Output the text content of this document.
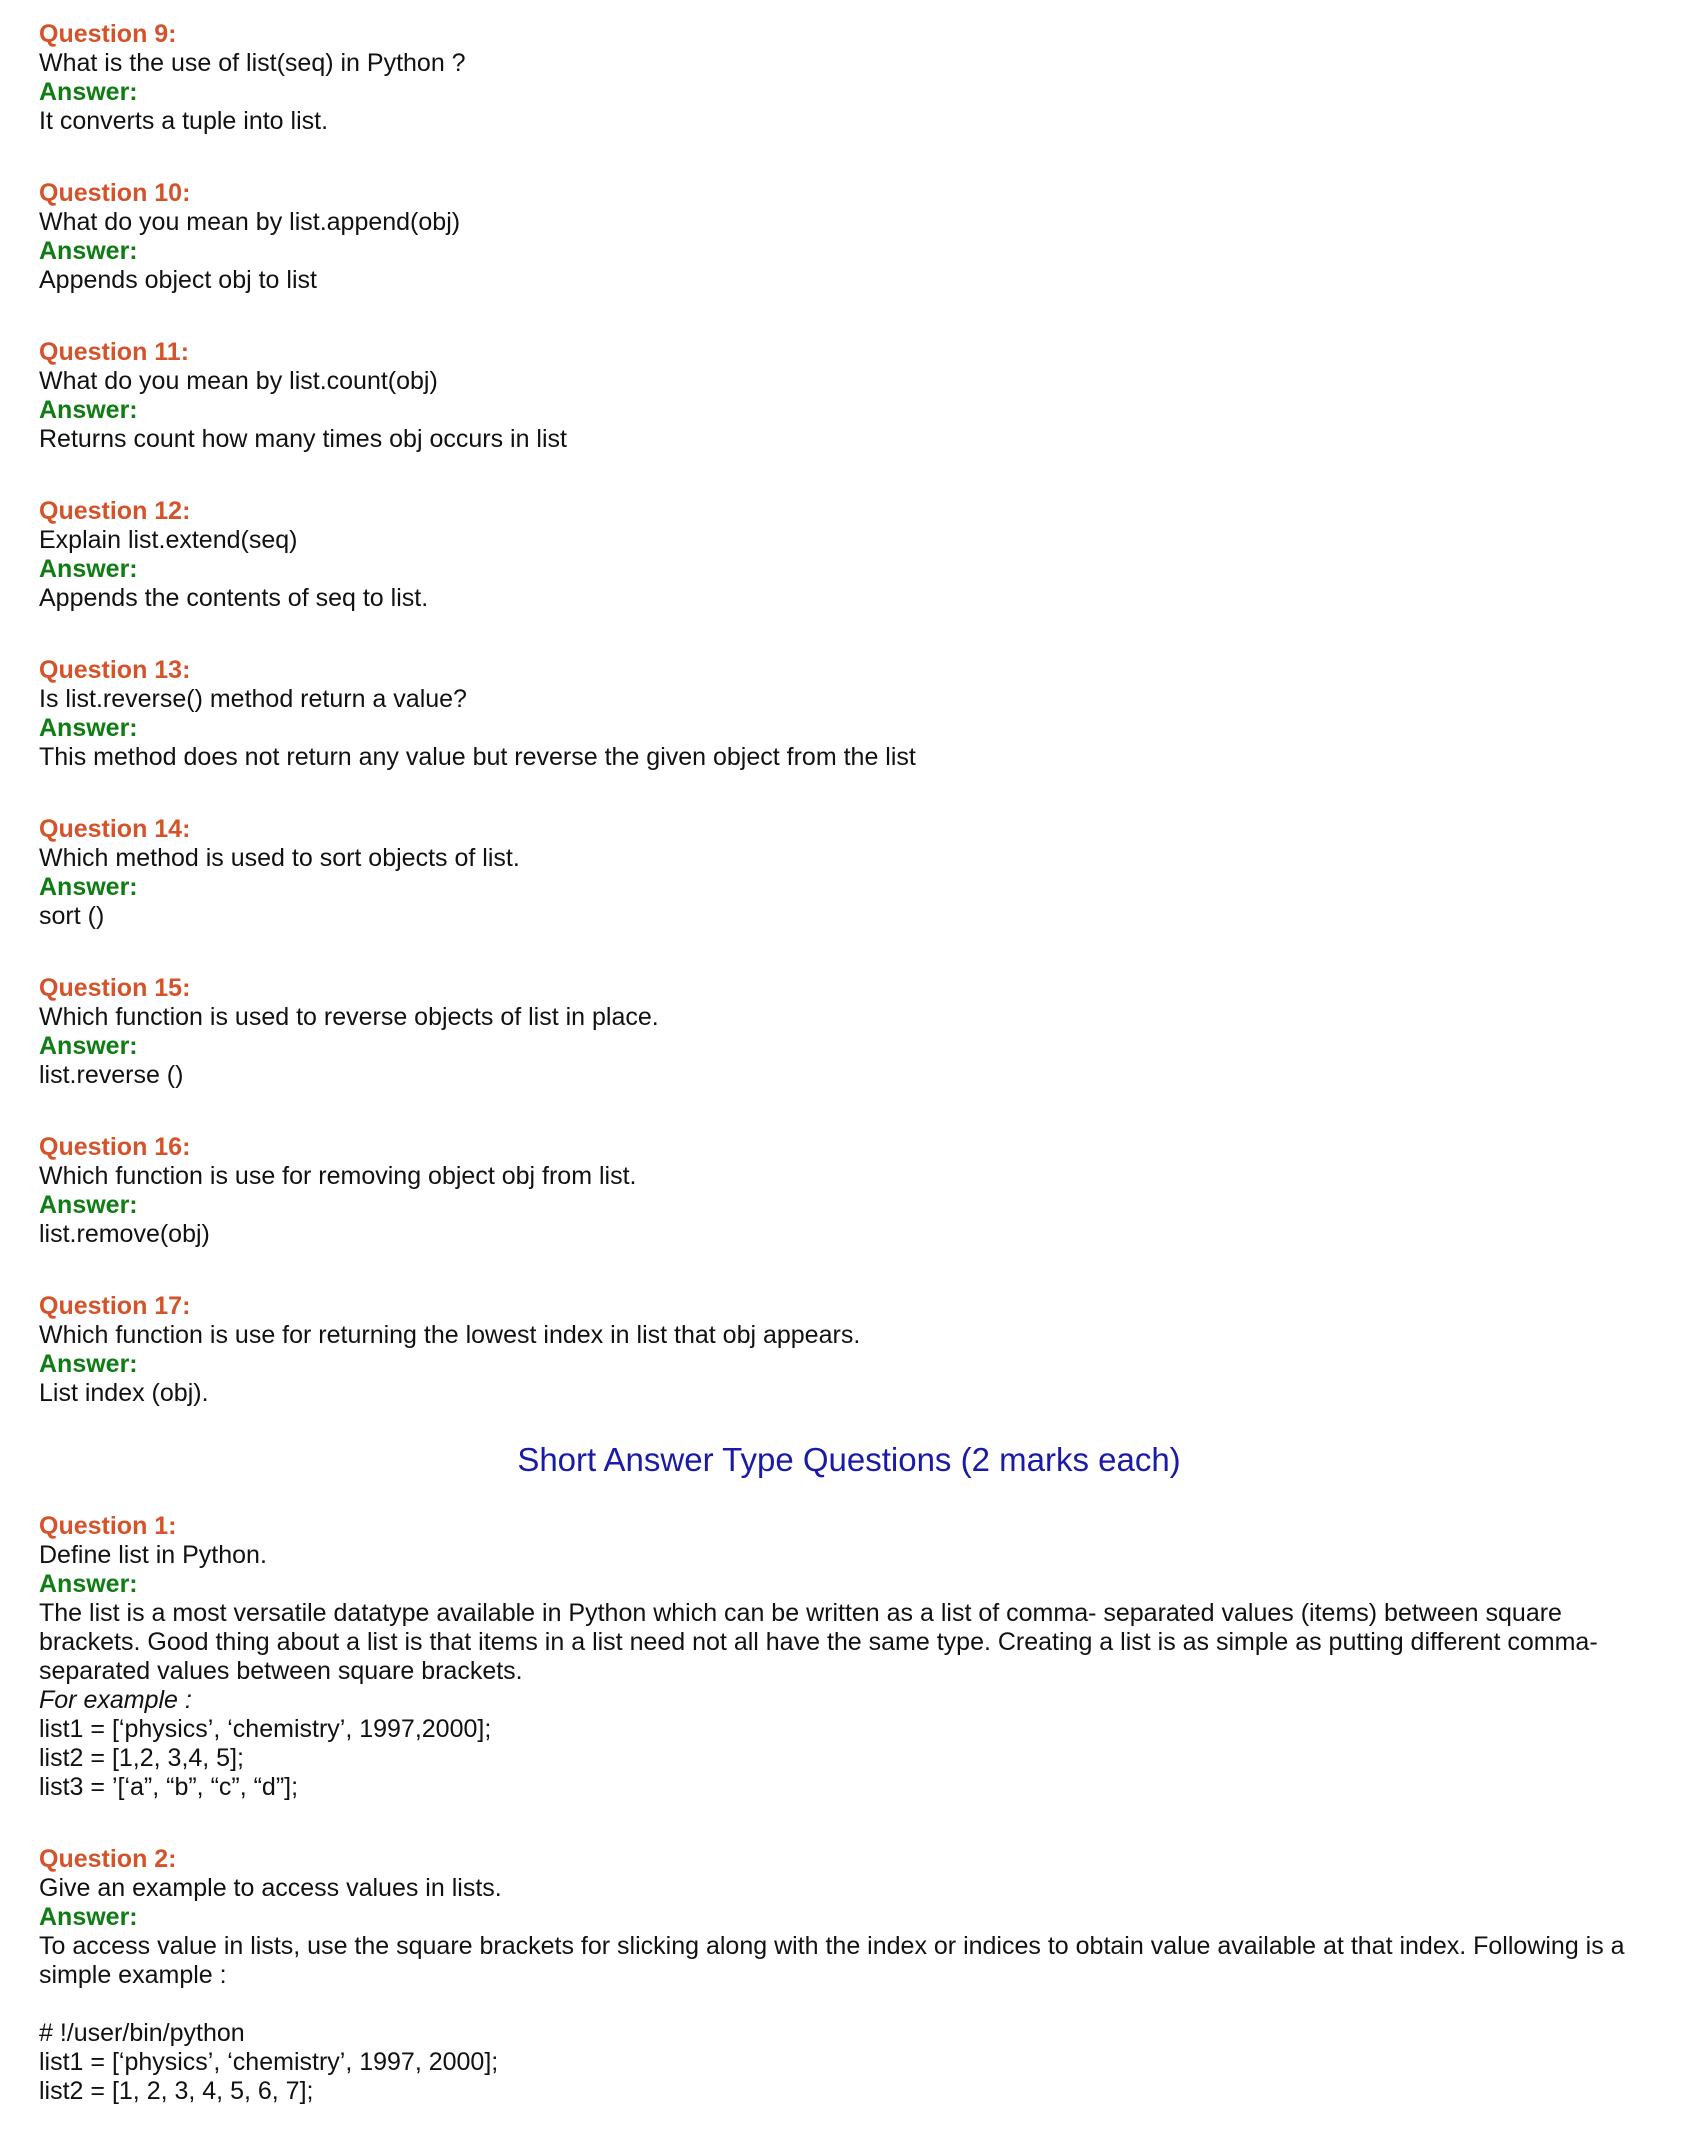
Question 9:
What is the use of list(seq) in Python ?
Answer:
It converts a tuple into list.
Question 10:
What do you mean by list.append(obj)
Answer:
Appends object obj to list
Question 11:
What do you mean by list.count(obj)
Answer:
Returns count how many times obj occurs in list
Question 12:
Explain list.extend(seq)
Answer:
Appends the contents of seq to list.
Question 13:
Is list.reverse() method return a value?
Answer:
This method does not return any value but reverse the given object from the list
Question 14:
Which method is used to sort objects of list.
Answer:
sort ()
Question 15:
Which function is used to reverse objects of list in place.
Answer:
list.reverse ()
Question 16:
Which function is use for removing object obj from list.
Answer:
list.remove(obj)
Question 17:
Which function is use for returning the lowest index in list that obj appears.
Answer:
List index (obj).
Short Answer Type Questions (2 marks each)
Question 1:
Define list in Python.
Answer:
The list is a most versatile datatype available in Python which can be written as a list of comma- separated values (items) between square brackets. Good thing about a list is that items in a list need not all have the same type. Creating a list is as simple as putting different comma-separated values between square brackets.
For example :
list1 = [‘physics’, ‘chemistry’, 1997,2000];
list2 = [1,2, 3,4, 5];
list3 = ’[‘a”, “b”, “c”, “d”];
Question 2:
Give an example to access values in lists.
Answer:
To access value in lists, use the square brackets for slicking along with the index or indices to obtain value available at that index. Following is a simple example :
# !/user/bin/python
list1 = [‘physics’, ‘chemistry’, 1997, 2000];
list2 = [1, 2, 3, 4, 5, 6, 7];
